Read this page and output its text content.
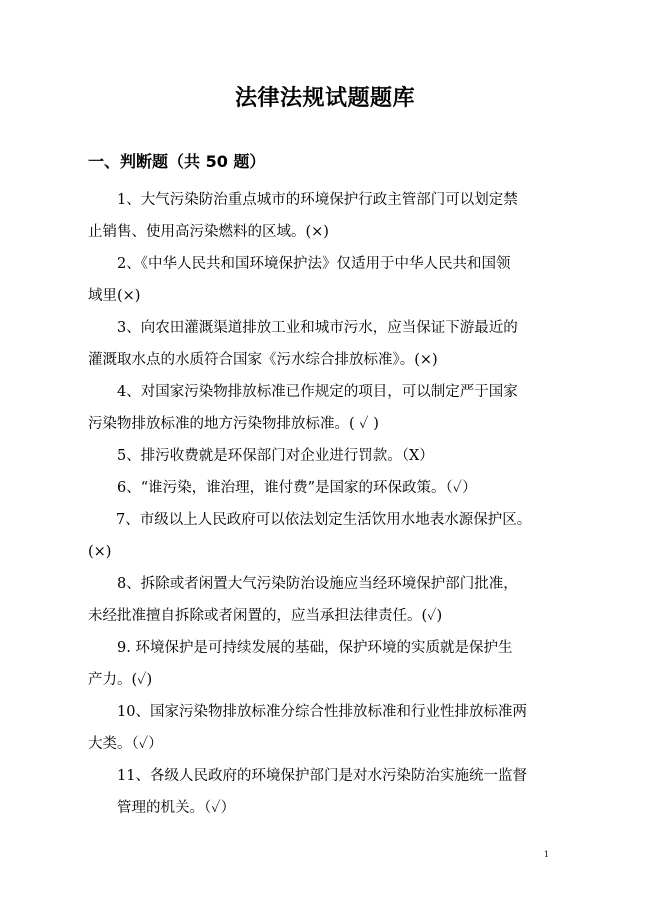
法律法规试题题库
一、判断题（共 50 题）
1、大气污染防治重点城市的环境保护行政主管部门可以划定禁
止销售、使用高污染燃料的区域。(×)
2、《中华人民共和国环境保护法》仅适用于中华人民共和国领
域里(×)
3、向农田灌溉渠道排放工业和城市污水，应当保证下游最近的
灌溉取水点的水质符合国家《污水综合排放标准》。(×)
4、对国家污染物排放标准已作规定的项目，可以制定严于国家
污染物排放标准的地方污染物排放标准。( ✓ )
5、排污收费就是环保部门对企业进行罚款。（X）
6、“谁污染，谁治理，谁付费”是国家的环保政策。（✓）
7、市级以上人民政府可以依法划定生活饮用水地表水源保护区。
(×)
8、拆除或者闲置大气污染防治设施应当经环境保护部门批准，
未经批准擅自拆除或者闲置的，应当承担法律责任。(✓)
9. 环境保护是可持续发展的基础，保护环境的实质就是保护生
产力。(✓)
10、国家污染物排放标准分综合性排放标准和行业性排放标准两
大类。（✓）
11、各级人民政府的环境保护部门是对水污染防治实施统一监督
管理的机关。（✓）
1
